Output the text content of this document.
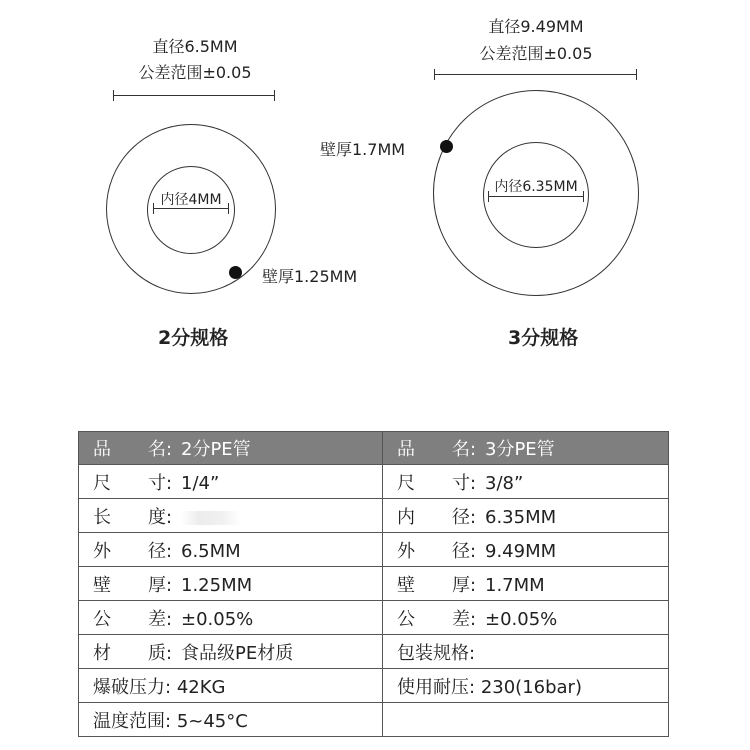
直径6.5MM
公差范围±0.05
内径4MM
壁厚1.25MM
2分规格
直径9.49MM
公差范围±0.05
内径6.35MM
壁厚1.7MM
3分规格
品 名: 2分PE管	品 名: 3分PE管
尺 寸: 1/4”	尺 寸: 3/8”
长 度:	内 径: 6.35MM
外 径: 6.5MM	外 径: 9.49MM
壁 厚: 1.25MM	壁 厚: 1.7MM
公 差: ±0.05%	公 差: ±0.05%
材 质: 食品级PE材质	包装规格:
爆破压力: 42KG	使用耐压: 230(16bar)
温度范围: 5~45°C	
